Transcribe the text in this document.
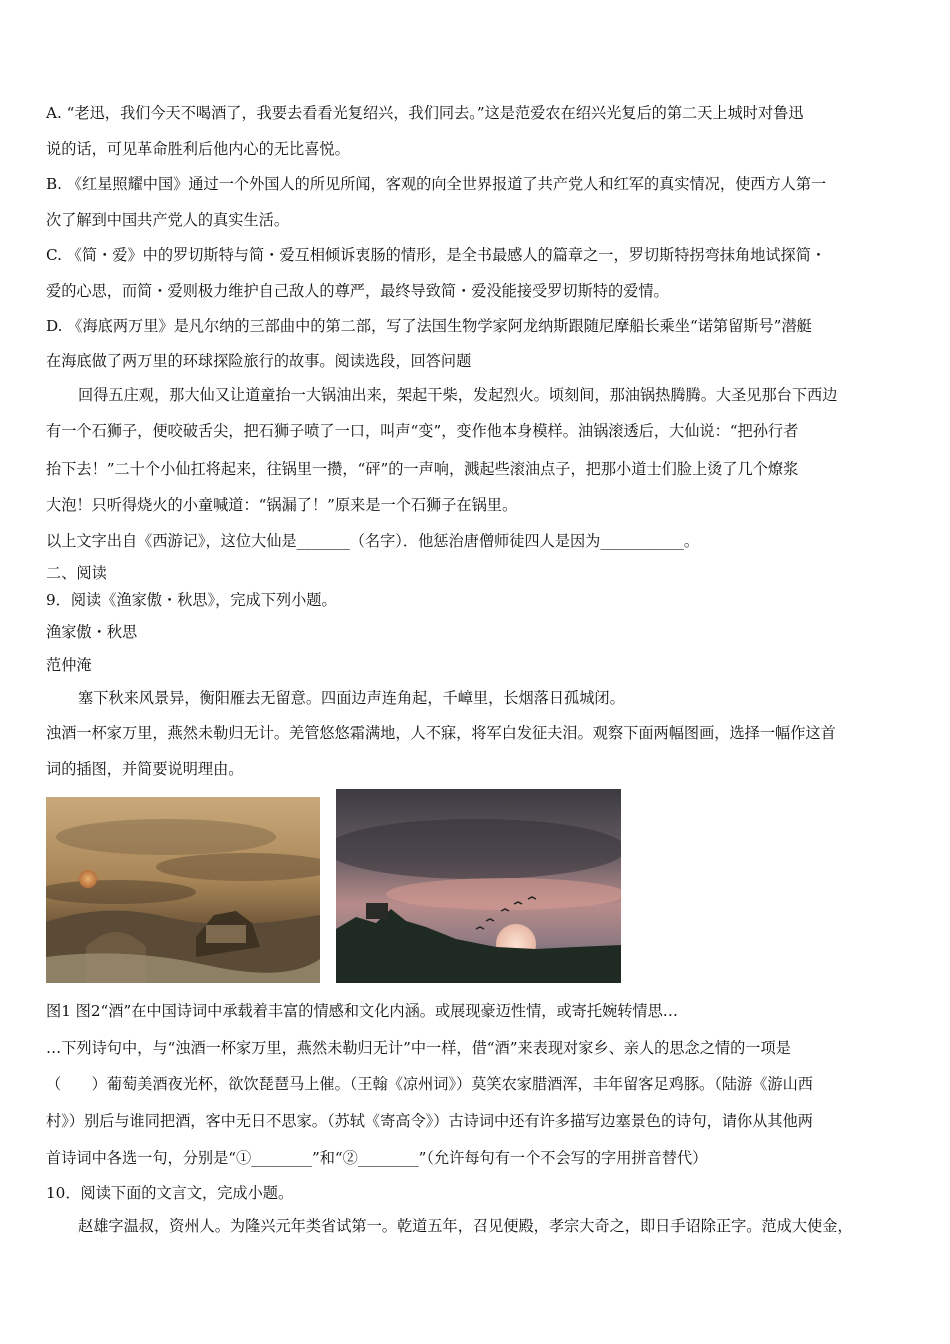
A. “老迅，我们今天不喝酒了，我要去看看光复绍兴，我们同去。”这是范爱农在绍兴光复后的第二天上城时对鲁迅
说的话，可见革命胜利后他内心的无比喜悦。
B. 《红星照耀中国》通过一个外国人的所见所闻，客观的向全世界报道了共产党人和红军的真实情况，使西方人第一
次了解到中国共产党人的真实生活。
C. 《简・爱》中的罗切斯特与简・爱互相倾诉衷肠的情形，是全书最感人的篇章之一，罗切斯特拐弯抹角地试探简・
爱的心思，而简・爱则极力维护自己敌人的尊严，最终导致简・爱没能接受罗切斯特的爱情。
D. 《海底两万里》是凡尔纳的三部曲中的第二部，写了法国生物学家阿龙纳斯跟随尼摩船长乘坐“诺第留斯号”潜艇
在海底做了两万里的环球探险旅行的故事。阅读选段，回答问题
回得五庄观，那大仙又让道童抬一大锅油出来，架起干柴，发起烈火。顷刻间，那油锅热腾腾。大圣见那台下西边
有一个石狮子，便咬破舌尖，把石狮子喷了一口，叫声“变”，变作他本身模样。油锅滚透后，大仙说：“把孙行者
抬下去！”二十个小仙扛将起来，往锅里一攒，“砰”的一声响，溅起些滚油点子，把那小道士们脸上烫了几个燎浆
大泡！只听得烧火的小童喊道：“锅漏了！”原来是一个石狮子在锅里。
以上文字出自《西游记》，这位大仙是_______（名字）．他惩治唐僧师徒四人是因为___________。
二、阅读
9．阅读《渔家傲・秋思》，完成下列小题。
渔家傲・秋思
范仲淹
塞下秋来风景异，衡阳雁去无留意。四面边声连角起，千嶂里，长烟落日孤城闭。
浊酒一杯家万里，燕然未勒归无计。羌管悠悠霜满地，人不寐，将军白发征夫泪。观察下面两幅图画，选择一幅作这首
词的插图，并简要说明理由。
图1 图2“酒”在中国诗词中承载着丰富的情感和文化内涵。或展现豪迈性情，或寄托婉转情思…
…下列诗句中，与“浊酒一杯家万里，燕然未勒归无计”中一样，借“酒”来表现对家乡、亲人的思念之情的一项是
（　　）葡萄美酒夜光杯，欲饮琵琶马上催。（王翰《凉州词》）莫笑农家腊酒浑，丰年留客足鸡豚。（陆游《游山西
村》）别后与谁同把酒，客中无日不思家。（苏轼《寄高令》）古诗词中还有许多描写边塞景色的诗句，请你从其他两
首诗词中各选一句，分别是“①________”和“②________”（允许每句有一个不会写的字用拼音替代）
10．阅读下面的文言文，完成小题。
赵雄字温叔，资州人。为隆兴元年类省试第一。乾道五年，召见便殿，孝宗大奇之，即日手诏除正字。范成大使金，
